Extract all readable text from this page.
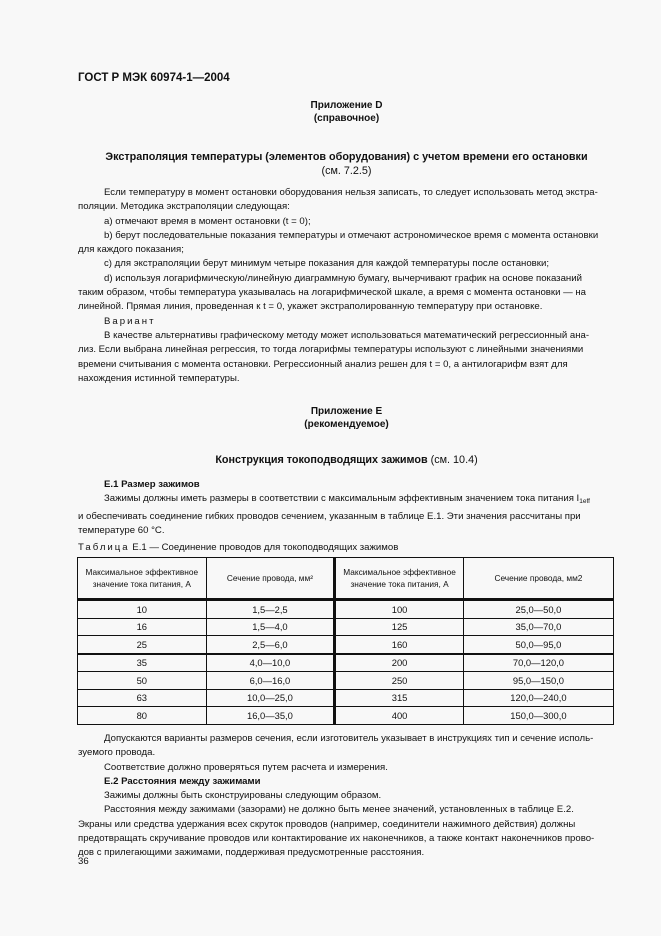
ГОСТ Р МЭК 60974-1—2004
Приложение D
(справочное)
Экстраполяция температуры (элементов оборудования) с учетом времени его остановки
(см. 7.2.5)

Если температуру в момент остановки оборудования нельзя записать, то следует использовать метод экстра-

поляции. Методика экстраполяции следующая:

a) отмечают время в момент остановки (t = 0);

b) берут последовательные показания температуры и отмечают астрономическое время с момента остановки

для каждого показания;

c) для экстраполяции берут минимум четыре показания для каждой температуры после остановки;

d) используя логарифмическую/линейную диаграммную бумагу, вычерчивают график на основе показаний

таким образом, чтобы температура указывалась на логарифмической шкале, а время с момента остановки — на

линейной. Прямая линия, проведенная к t = 0, укажет экстраполированную температуру при остановке.

Вариант

В качестве альтернативы графическому методу может использоваться математический регрессионный ана-

лиз. Если выбрана линейная регрессия, то тогда логарифмы температуры используют с линейными значениями

времени считывания с момента остановки. Регрессионный анализ решен для t = 0, а антилогарифм взят для

нахождения истинной температуры.

Приложение E
(рекомендуемое)
Конструкция токоподводящих зажимов (см. 10.4)

E.1 Размер зажимов

Зажимы должны иметь размеры в соответствии с максимальным эффективным значением тока питания $I_{1eff}$

и обеспечивать соединение гибких проводов сечением, указанным в таблице E.1. Эти значения рассчитаны при

температуре 60 °C.

Таблица E.1 — Соединение проводов для токоподводящих зажимов
Максимальное эффективное значение тока питания, A	Сечение провода, мм²	Максимальное эффективное значение тока питания, A	Сечение провода, мм2
10	1,5—2,5	100	25,0—50,0
16	1,5—4,0	125	35,0—70,0
25	2,5—6,0	160	50,0—95,0
35	4,0—10,0	200	70,0—120,0
50	6,0—16,0	250	95,0—150,0
63	10,0—25,0	315	120,0—240,0
80	16,0—35,0	400	150,0—300,0

Допускаются варианты размеров сечения, если изготовитель указывает в инструкциях тип и сечение исполь-

зуемого провода.

Соответствие должно проверяться путем расчета и измерения.

E.2 Расстояния между зажимами

Зажимы должны быть сконструированы следующим образом.

Расстояния между зажимами (зазорами) не должно быть менее значений, установленных в таблице E.2.

Экраны или средства удержания всех скруток проводов (например, соединители нажимного действия) должны

предотвращать скручивание проводов или контактирование их наконечников, а также контакт наконечников прово-

дов с прилегающими зажимами, поддерживая предусмотренные расстояния.

36
